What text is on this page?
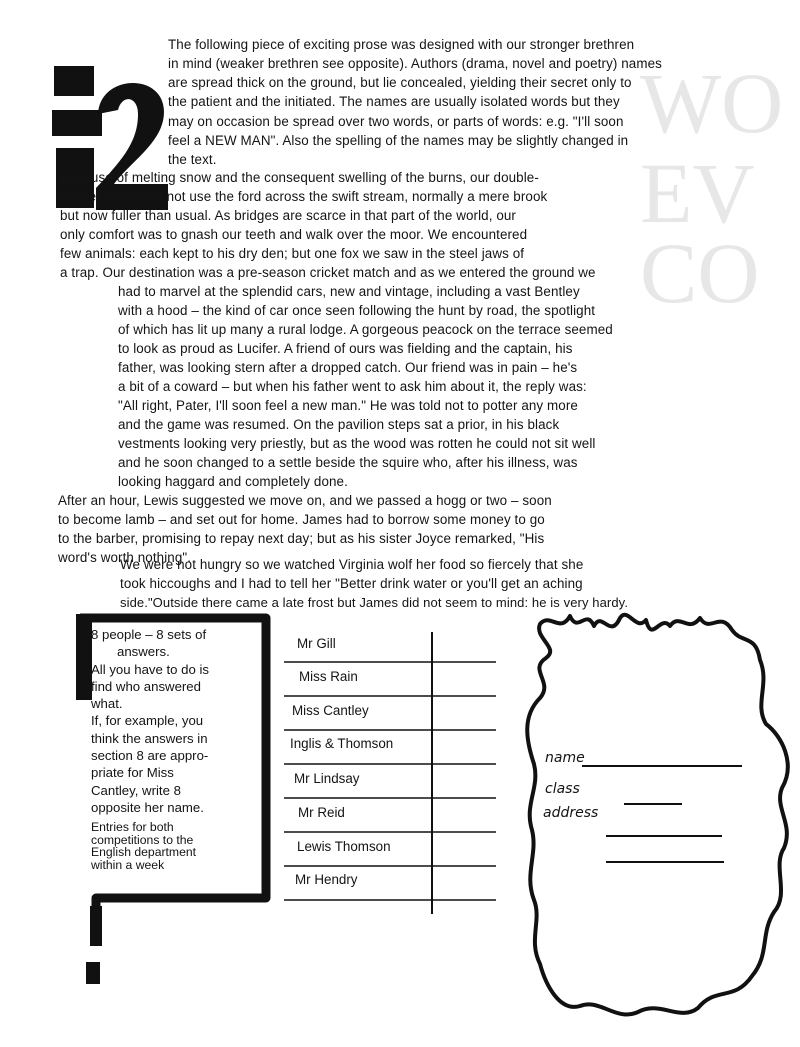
WO
EV
CO
The following piece of exciting prose was designed with our stronger brethren
in mind (weaker brethren see opposite). Authors (drama, novel and poetry) names
are spread thick on the ground, but lie concealed, yielding their secret only to
the patient and the initiated. The names are usually isolated words but they
may on occasion be spread over two words, or parts of words: e.g. "I'll soon
feel a NEW MAN". Also the spelling of the names may be slightly changed in
the text.
Because of melting snow and the consequent swelling of the burns, our double-
decker bus could not use the ford across the swift stream, normally a mere brook
but now fuller than usual. As bridges are scarce in that part of the world, our
only comfort was to gnash our teeth and walk over the moor. We encountered
few animals: each kept to his dry den; but one fox we saw in the steel jaws of
a trap. Our destination was a pre-season cricket match and as we entered the ground we
had to marvel at the splendid cars, new and vintage, including a vast Bentley
with a hood – the kind of car once seen following the hunt by road, the spotlight
of which has lit up many a rural lodge. A gorgeous peacock on the terrace seemed
to look as proud as Lucifer. A friend of ours was fielding and the captain, his
father, was looking stern after a dropped catch. Our friend was in pain – he's
a bit of a coward – but when his father went to ask him about it, the reply was:
"All right, Pater, I'll soon feel a new man." He was told not to potter any more
and the game was resumed. On the pavilion steps sat a prior, in his black
vestments looking very priestly, but as the wood was rotten he could not sit well
and he soon changed to a settle beside the squire who, after his illness, was
looking haggard and completely done.
After an hour, Lewis suggested we move on, and we passed a hogg or two – soon
to become lamb – and set out for home. James had to borrow some money to go
to the barber, promising to repay next day; but as his sister Joyce remarked, "His
word's worth nothing".
We were not hungry so we watched Virginia wolf her food so fiercely that she
took hiccoughs and I had to tell her "Better drink water or you'll get an aching
side."Outside there came a late frost but James did not seem to mind: he is very hardy.
8 people – 8 sets of
answers.
All you have to do is
find who answered
what.
If, for example, you
think the answers in
section 8 are appro-
priate for Miss
Cantley, write 8
opposite her name.
Entries for both
competitions to the
English department
within a week
Mr Gill
Miss Rain
Miss Cantley
Inglis & Thomson
Mr Lindsay
Mr Reid
Lewis Thomson
Mr Hendry
name
class
address
